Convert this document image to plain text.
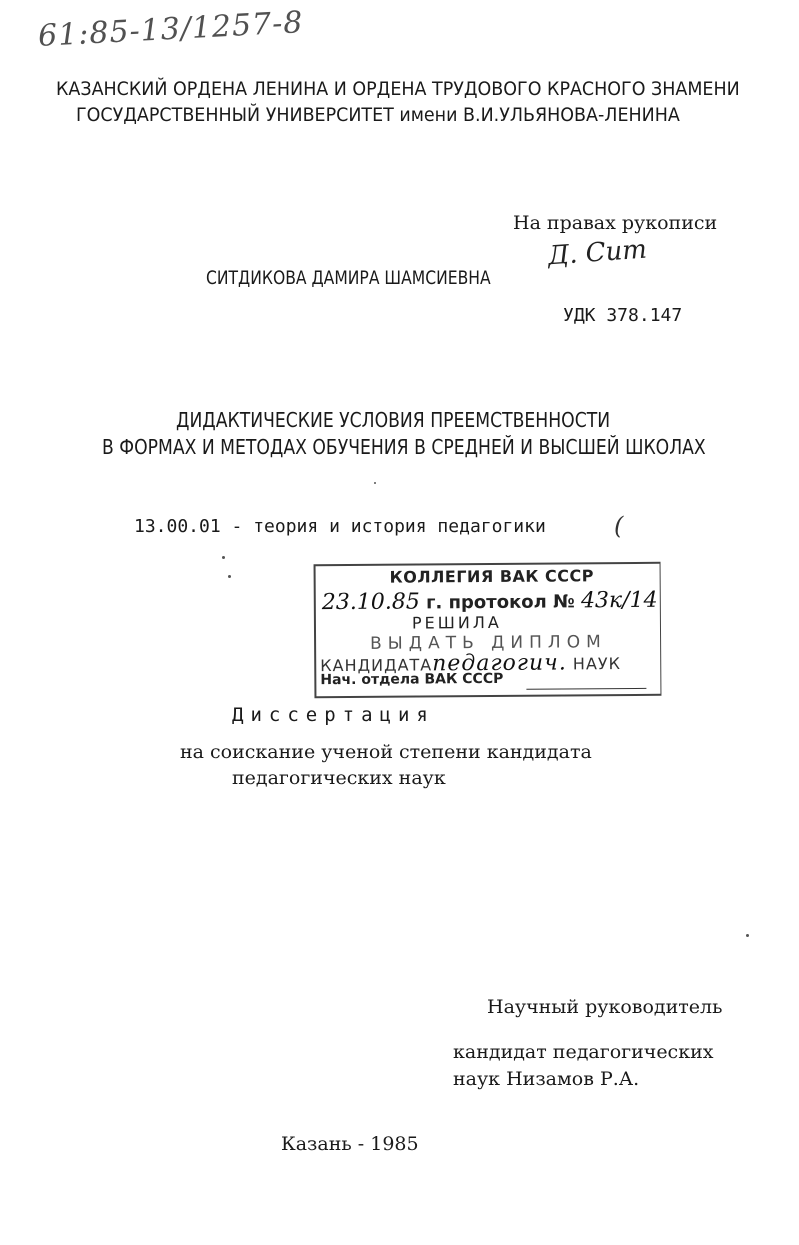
61:85-13/1257-8
КАЗАНСКИЙ ОРДЕНА ЛЕНИНА И ОРДЕНА ТРУДОВОГО КРАСНОГО ЗНАМЕНИ
ГОСУДАРСТВЕННЫЙ УНИВЕРСИТЕТ имени В.И.УЛЬЯНОВА-ЛЕНИНА
На правах рукописи
Д. Сит
СИТДИКОВА ДАМИРА ШАМСИЕВНА
УДК 378.147
ДИДАКТИЧЕСКИЕ УСЛОВИЯ ПРЕЕМСТВЕННОСТИ
В ФОРМАХ И МЕТОДАХ ОБУЧЕНИЯ В СРЕДНЕЙ И ВЫСШЕЙ ШКОЛАХ
13.00.01 - теория и история педагогики	(
КОЛЛЕГИЯ ВАК СССР
23.10.85 г. протокол № 43к/14
РЕШИЛА
ВЫДАТЬ ДИПЛОМ
КАНДИДАТАпедагогич. НАУК
Нач. отдела ВАК СССР
Диссертация
на соискание ученой степени кандидата
педагогических наук
Научный руководитель
кандидат педагогических
наук Низамов Р.А.
Казань - 1985
